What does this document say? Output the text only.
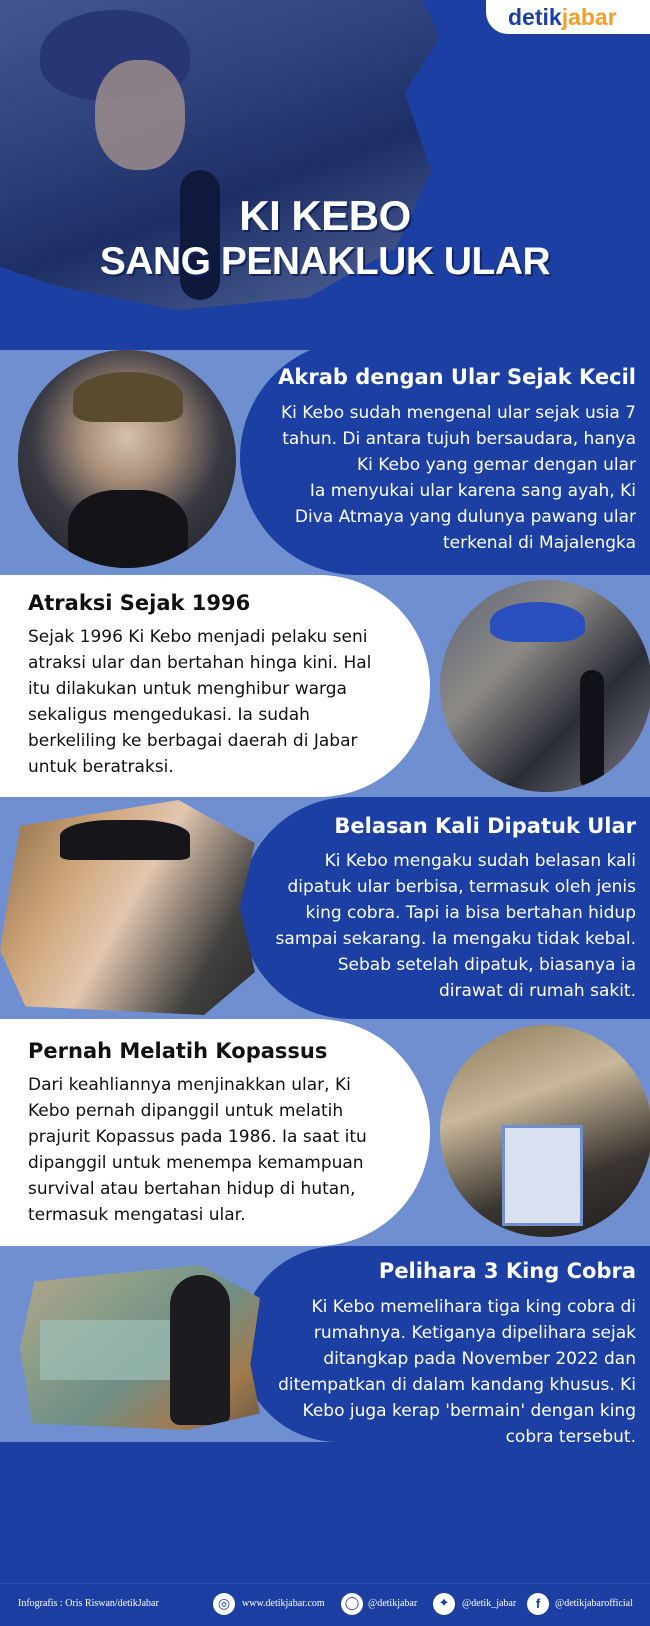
detikjabar
KI KEBO
SANG PENAKLUK ULAR
Akrab dengan Ular Sejak Kecil
Ki Kebo sudah mengenal ular sejak usia 7
tahun. Di antara tujuh bersaudara, hanya
Ki Kebo yang gemar dengan ular
Ia menyukai ular karena sang ayah, Ki
Diva Atmaya yang dulunya pawang ular
terkenal di Majalengka
Atraksi Sejak 1996
Sejak 1996 Ki Kebo menjadi pelaku seni
atraksi ular dan bertahan hinga kini. Hal
itu dilakukan untuk menghibur warga
sekaligus mengedukasi. Ia sudah
berkeliling ke berbagai daerah di Jabar
untuk beratraksi.
Belasan Kali Dipatuk Ular
Ki Kebo mengaku sudah belasan kali
dipatuk ular berbisa, termasuk oleh jenis
king cobra. Tapi ia bisa bertahan hidup
sampai sekarang. Ia mengaku tidak kebal.
Sebab setelah dipatuk, biasanya ia
dirawat di rumah sakit.
Pernah Melatih Kopassus
Dari keahliannya menjinakkan ular, Ki
Kebo pernah dipanggil untuk melatih
prajurit Kopassus pada 1986. Ia saat itu
dipanggil untuk menempa kemampuan
survival atau bertahan hidup di hutan,
termasuk mengatasi ular.
Pelihara 3 King Cobra
Ki Kebo memelihara tiga king cobra di
rumahnya. Ketiganya dipelihara sejak
ditangkap pada November 2022 dan
ditempatkan di dalam kandang khusus. Ki
Kebo juga kerap 'bermain' dengan king
cobra tersebut.
Infografis : Oris Riswan/detikJabar	◎	www.detikjabar.com ◯ @detikjabar	✦	@detik_jabar	f	@detikjabarofficial
